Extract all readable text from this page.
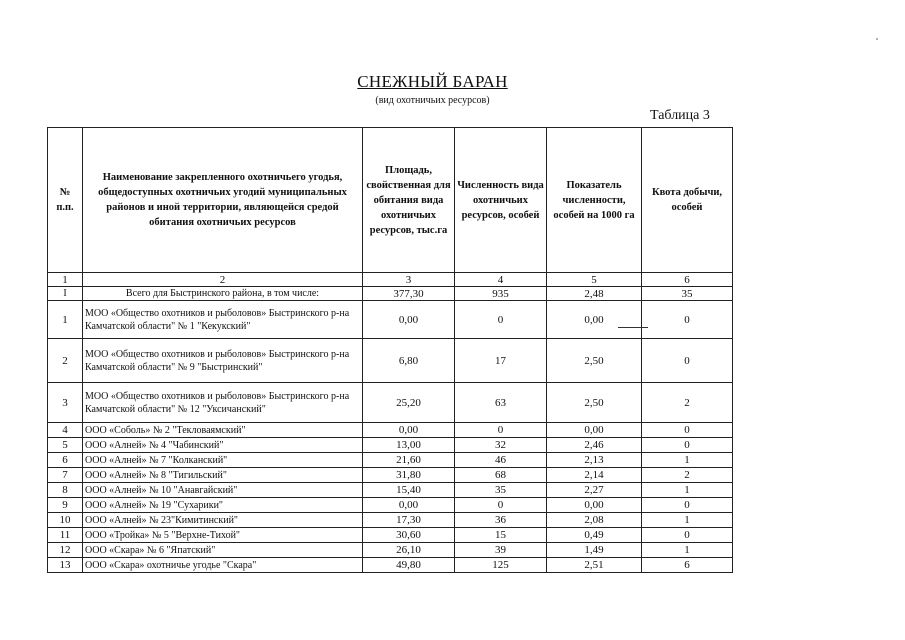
СНЕЖНЫЙ БАРАН
(вид охотничьих ресурсов)
Таблица 3
№ п.п.	Наименование закрепленного охотничьего угодья, общедоступных охотничьих угодий муниципальных районов и иной территории, являющейся средой обитания охотничьих ресурсов	Площадь, свойственная для обитания вида охотничьих ресурсов, тыс.га	Численность вида охотничьих ресурсов, особей	Показатель численности, особей на 1000 га	Квота добычи, особей
1	2	3	4	5	6
I	Всего для Быстринского района, в том числе:	377,30	935	2,48	35
1	МОО «Общество охотников и рыболовов» Быстринского р-на Камчатской области" № 1 "Кекукский"	0,00	0	0,00	0
2	МОО «Общество охотников и рыболовов» Быстринского р-на Камчатской области" № 9 "Быстринский"	6,80	17	2,50	0
3	МОО «Общество охотников и рыболовов» Быстринского р-на Камчатской области" № 12 "Уксичанский"	25,20	63	2,50	2
4	ООО «Соболь» № 2 "Текловаямский"	0,00	0	0,00	0
5	ООО «Алней» № 4 "Чабинский"	13,00	32	2,46	0
6	ООО «Алней» № 7 "Колканский"	21,60	46	2,13	1
7	ООО «Алней» № 8 "Тигильский"	31,80	68	2,14	2
8	ООО «Алней» № 10 "Анавгайский"	15,40	35	2,27	1
9	ООО «Алней» № 19 "Сухарики"	0,00	0	0,00	0
10	ООО «Алней» № 23"Кимитинский"	17,30	36	2,08	1
11	ООО «Тройка» № 5 "Верхне-Тихой"	30,60	15	0,49	0
12	ООО «Скара» № 6 "Япатский"	26,10	39	1,49	1
13	ООО «Скара» охотничье угодье "Скара"	49,80	125	2,51	6
